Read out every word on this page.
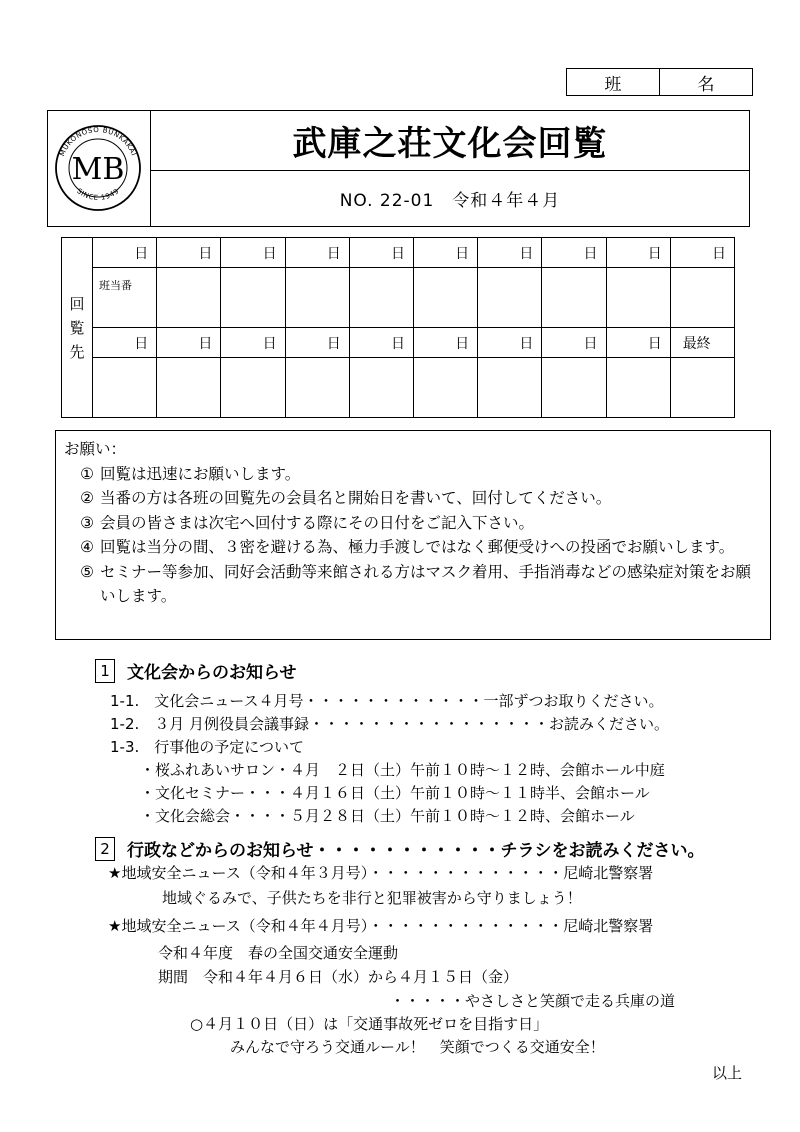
班	名
MUKONOSO BUNKAKAI
SINCE 1949
MB
武庫之荘文化会回覧
NO. 22-01　令和４年４月
回
覧
先	日	日	日	日	日	日	日	日	日	日

	班当番									

	日	日	日	日	日	日	日	日	日	最終

お願い：
① 回覧は迅速にお願いします。
② 当番の方は各班の回覧先の会員名と開始日を書いて、回付してください。
③ 会員の皆さまは次宅へ回付する際にその日付をご記入下さい。
④ 回覧は当分の間、３密を避ける為、極力手渡しではなく郵便受けへの投函でお願いします。
⑤ セミナー等参加、同好会活動等来館される方はマスク着用、手指消毒などの感染症対策をお願いします。
1	文化会からのお知らせ
1-1.　文化会ニュース４月号・・・・・・・・・・・・一部ずつお取りください。
1-2.　３月 月例役員会議事録・・・・・・・・・・・・・・・・お読みください。
1-3.　行事他の予定について
・桜ふれあいサロン・４月　２日（土）午前１０時～１２時、会館ホール中庭
・文化セミナー・・・４月１６日（土）午前１０時～１１時半、会館ホール
・文化会総会・・・・５月２８日（土）午前１０時～１２時、会館ホール
2	行政などからのお知らせ・・・・・・・・・・・チラシをお読みください。
★地域安全ニュース（令和４年３月号）・・・・・・・・・・・・・尼崎北警察署
地域ぐるみで、子供たちを非行と犯罪被害から守りましょう！
★地域安全ニュース（令和４年４月号）・・・・・・・・・・・・・尼崎北警察署
令和４年度　春の全国交通安全運動
期間　令和４年４月６日（水）から４月１５日（金）
・・・・・やさしさと笑顔で走る兵庫の道
○４月１０日（日）は「交通事故死ゼロを目指す日」
みんなで守ろう交通ルール！　笑顔でつくる交通安全！
以上
